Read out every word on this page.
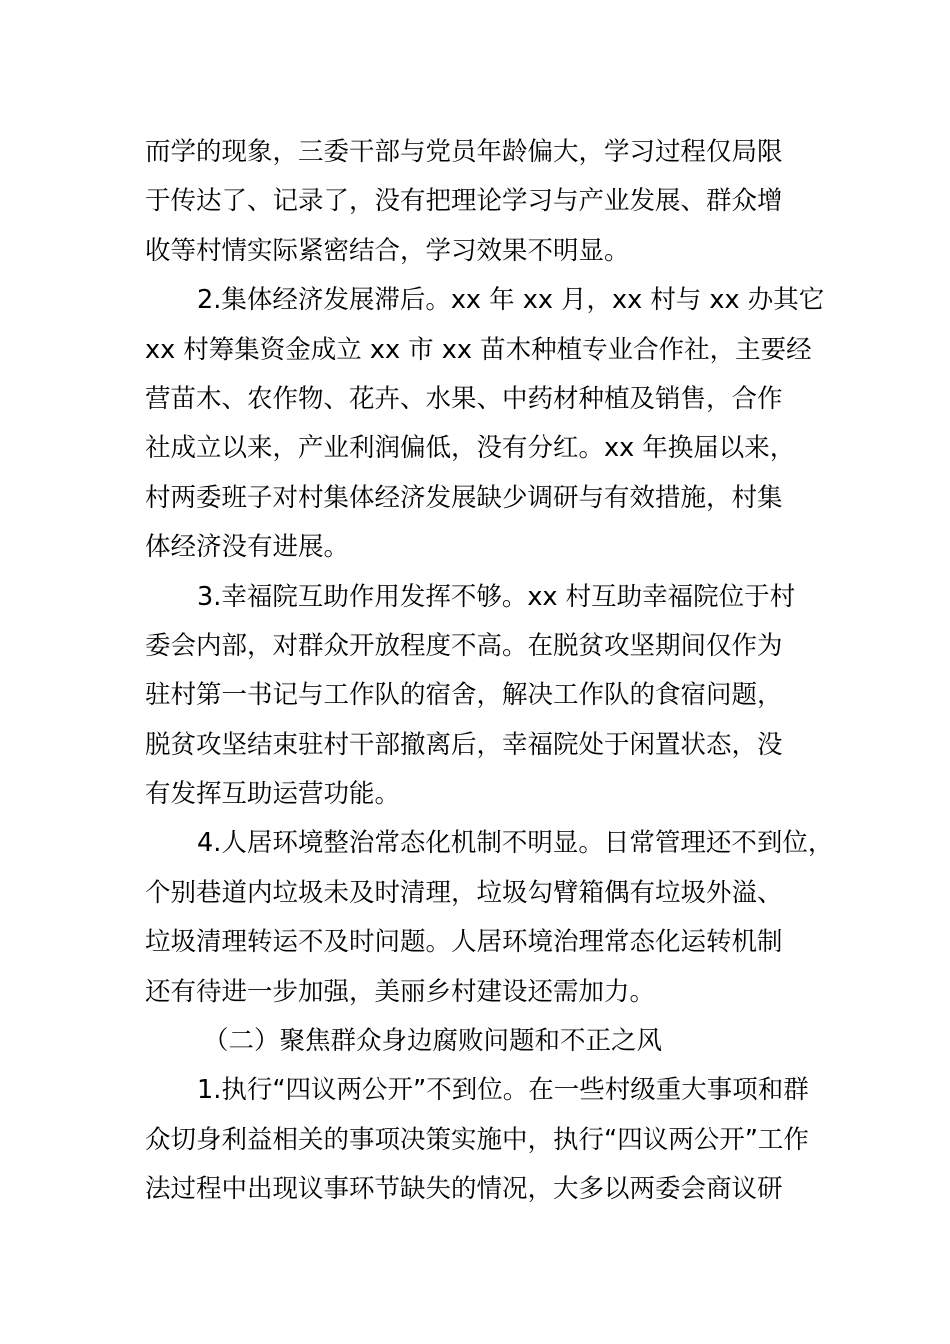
而学的现象，三委干部与党员年龄偏大，学习过程仅局限
于传达了、记录了，没有把理论学习与产业发展、群众增
收等村情实际紧密结合，学习效果不明显。
2.集体经济发展滞后。xx 年 xx 月，xx 村与 xx 办其它
xx 村筹集资金成立 xx 市 xx 苗木种植专业合作社，主要经
营苗木、农作物、花卉、水果、中药材种植及销售，合作
社成立以来，产业利润偏低，没有分红。xx 年换届以来，
村两委班子对村集体经济发展缺少调研与有效措施，村集
体经济没有进展。
3.幸福院互助作用发挥不够。xx 村互助幸福院位于村
委会内部，对群众开放程度不高。在脱贫攻坚期间仅作为
驻村第一书记与工作队的宿舍，解决工作队的食宿问题，
脱贫攻坚结束驻村干部撤离后，幸福院处于闲置状态，没
有发挥互助运营功能。
4.人居环境整治常态化机制不明显。日常管理还不到位，
个别巷道内垃圾未及时清理，垃圾勾臂箱偶有垃圾外溢、
垃圾清理转运不及时问题。人居环境治理常态化运转机制
还有待进一步加强，美丽乡村建设还需加力。
（二）聚焦群众身边腐败问题和不正之风
1.执行“四议两公开”不到位。在一些村级重大事项和群
众切身利益相关的事项决策实施中，执行“四议两公开”工作
法过程中出现议事环节缺失的情况，大多以两委会商议研
